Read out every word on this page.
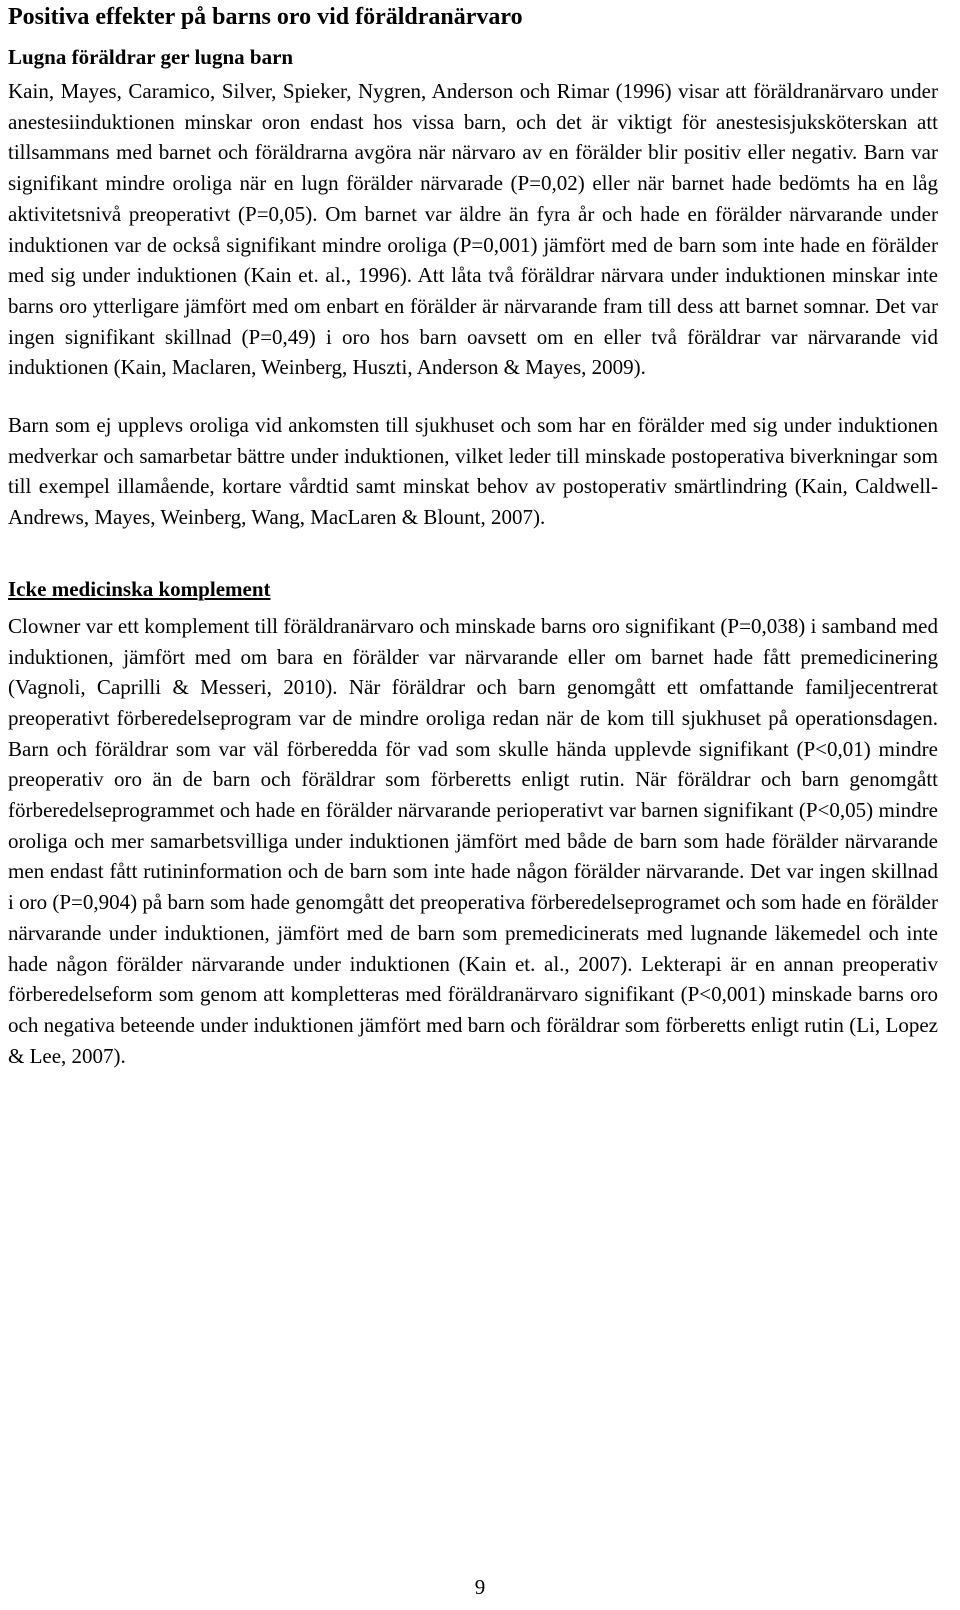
Positiva effekter på barns oro vid föräldranärvaro
Lugna föräldrar ger lugna barn

Kain, Mayes, Caramico, Silver, Spieker, Nygren, Anderson och Rimar (1996) visar att föräldranärvaro under anestesiinduktionen minskar oron endast hos vissa barn, och det är viktigt för anestesisjuksköterskan att tillsammans med barnet och föräldrarna avgöra när närvaro av en förälder blir positiv eller negativ. Barn var signifikant mindre oroliga när en lugn förälder närvarade (P=0,02) eller när barnet hade bedömts ha en låg aktivitetsnivå preoperativt (P=0,05). Om barnet var äldre än fyra år och hade en förälder närvarande under induktionen var de också signifikant mindre oroliga (P=0,001) jämfört med de barn som inte hade en förälder med sig under induktionen (Kain et. al., 1996). Att låta två föräldrar närvara under induktionen minskar inte barns oro ytterligare jämfört med om enbart en förälder är närvarande fram till dess att barnet somnar. Det var ingen signifikant skillnad (P=0,49) i oro hos barn oavsett om en eller två föräldrar var närvarande vid induktionen (Kain, Maclaren, Weinberg, Huszti, Anderson & Mayes, 2009).

Barn som ej upplevs oroliga vid ankomsten till sjukhuset och som har en förälder med sig under induktionen medverkar och samarbetar bättre under induktionen, vilket leder till minskade postoperativa biverkningar som till exempel illamående, kortare vårdtid samt minskat behov av postoperativ smärtlindring (Kain, Caldwell-Andrews, Mayes, Weinberg, Wang, MacLaren & Blount, 2007).

Icke medicinska komplement

Clowner var ett komplement till föräldranärvaro och minskade barns oro signifikant (P=0,038) i samband med induktionen, jämfört med om bara en förälder var närvarande eller om barnet hade fått premedicinering (Vagnoli, Caprilli & Messeri, 2010). När föräldrar och barn genomgått ett omfattande familjecentrerat preoperativt förberedelseprogram var de mindre oroliga redan när de kom till sjukhuset på operationsdagen. Barn och föräldrar som var väl förberedda för vad som skulle hända upplevde signifikant (P<0,01) mindre preoperativ oro än de barn och föräldrar som förberetts enligt rutin. När föräldrar och barn genomgått förberedelseprogrammet och hade en förälder närvarande perioperativt var barnen signifikant (P<0,05) mindre oroliga och mer samarbetsvilliga under induktionen jämfört med både de barn som hade förälder närvarande men endast fått rutininformation och de barn som inte hade någon förälder närvarande. Det var ingen skillnad i oro (P=0,904) på barn som hade genomgått det preoperativa förberedelseprogramet och som hade en förälder närvarande under induktionen, jämfört med de barn som premedicinerats med lugnande läkemedel och inte hade någon förälder närvarande under induktionen (Kain et. al., 2007). Lekterapi är en annan preoperativ förberedelseform som genom att kompletteras med föräldranärvaro signifikant (P<0,001) minskade barns oro och negativa beteende under induktionen jämfört med barn och föräldrar som förberetts enligt rutin (Li, Lopez & Lee, 2007).

9
